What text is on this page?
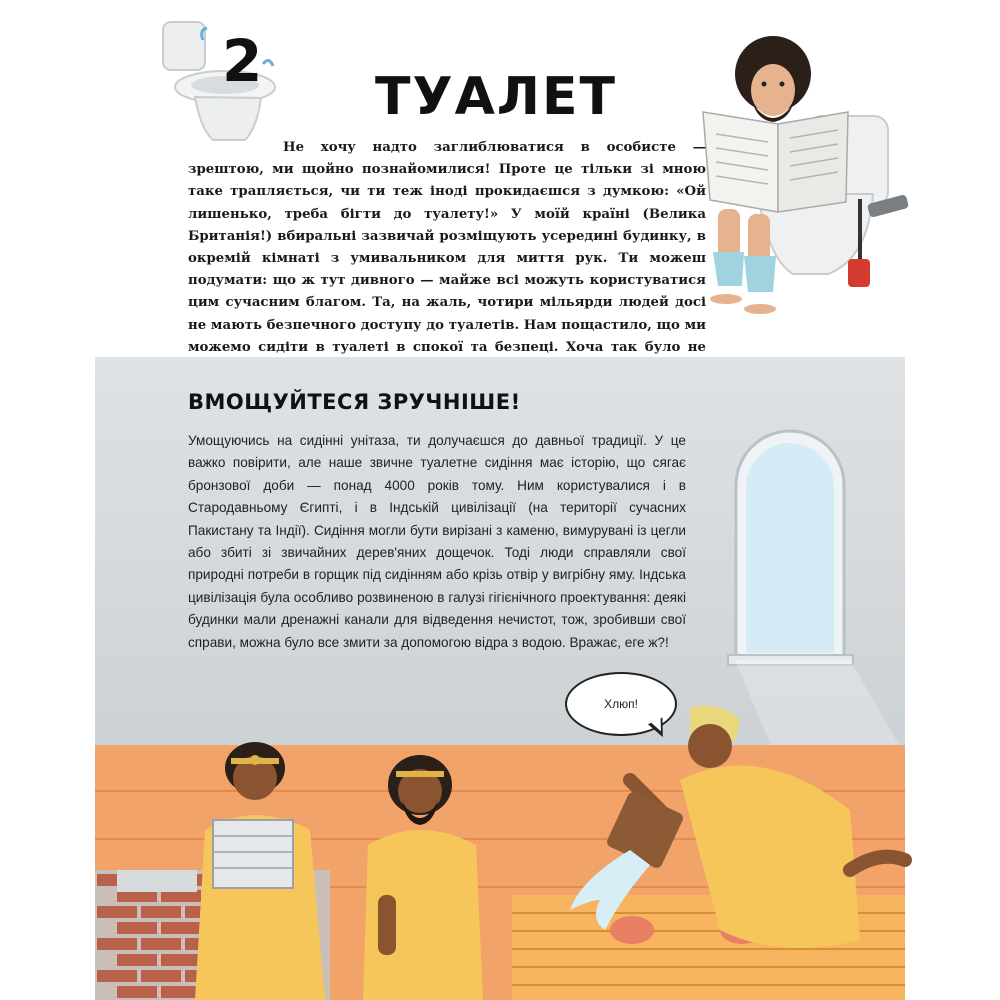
2
ТУАЛЕТ

Не хочу надто заглиблюватися в особисте — зрештою, ми щойно познайомилися! Проте це тільки зі мною таке трапляється, чи ти теж іноді прокидаєшся з думкою: «Ой лишенько, треба бігти до туалету!» У моїй країні (Велика Британія!) вбиральні зазвичай розміщують усередині будинку, в окремій кімнаті з умивальником для миття рук. Ти можеш подумати: що ж тут дивного — майже всі можуть користуватися цим сучасним благом. Та, на жаль, чотири мільярди людей досі не мають безпечного доступу до туалетів. Нам пощастило, що ми можемо сидіти в туалеті в спокої та безпеці. Хоча так було не

ВМОЩУЙТЕСЯ ЗРУЧНІШЕ!

Умощуючись на сидінні унітаза, ти долучаєшся до давньої традиції. У це важко повірити, але наше звичне туалетне сидіння має історію, що сягає бронзової доби — понад 4000 років тому. Ним користувалися і в Стародавньому Єгипті, і в Індській цивілізації (на території сучасних Пакистану та Індії). Сидіння могли бути вирізані з каменю, вимурувані із цегли або збиті зі звичайних дерев'яних дощечок. Тоді люди справляли свої природні потреби в горщик під сидінням або крізь отвір у вигрібну яму. Індська цивілізація була особливо розвиненою в галузі гігієнічного проектування: деякі будинки мали дренажні канали для відведення нечистот, тож, зробивши свої справи, можна було все змити за допомогою відра з водою. Вражає, еге ж?!

Хлюп!
